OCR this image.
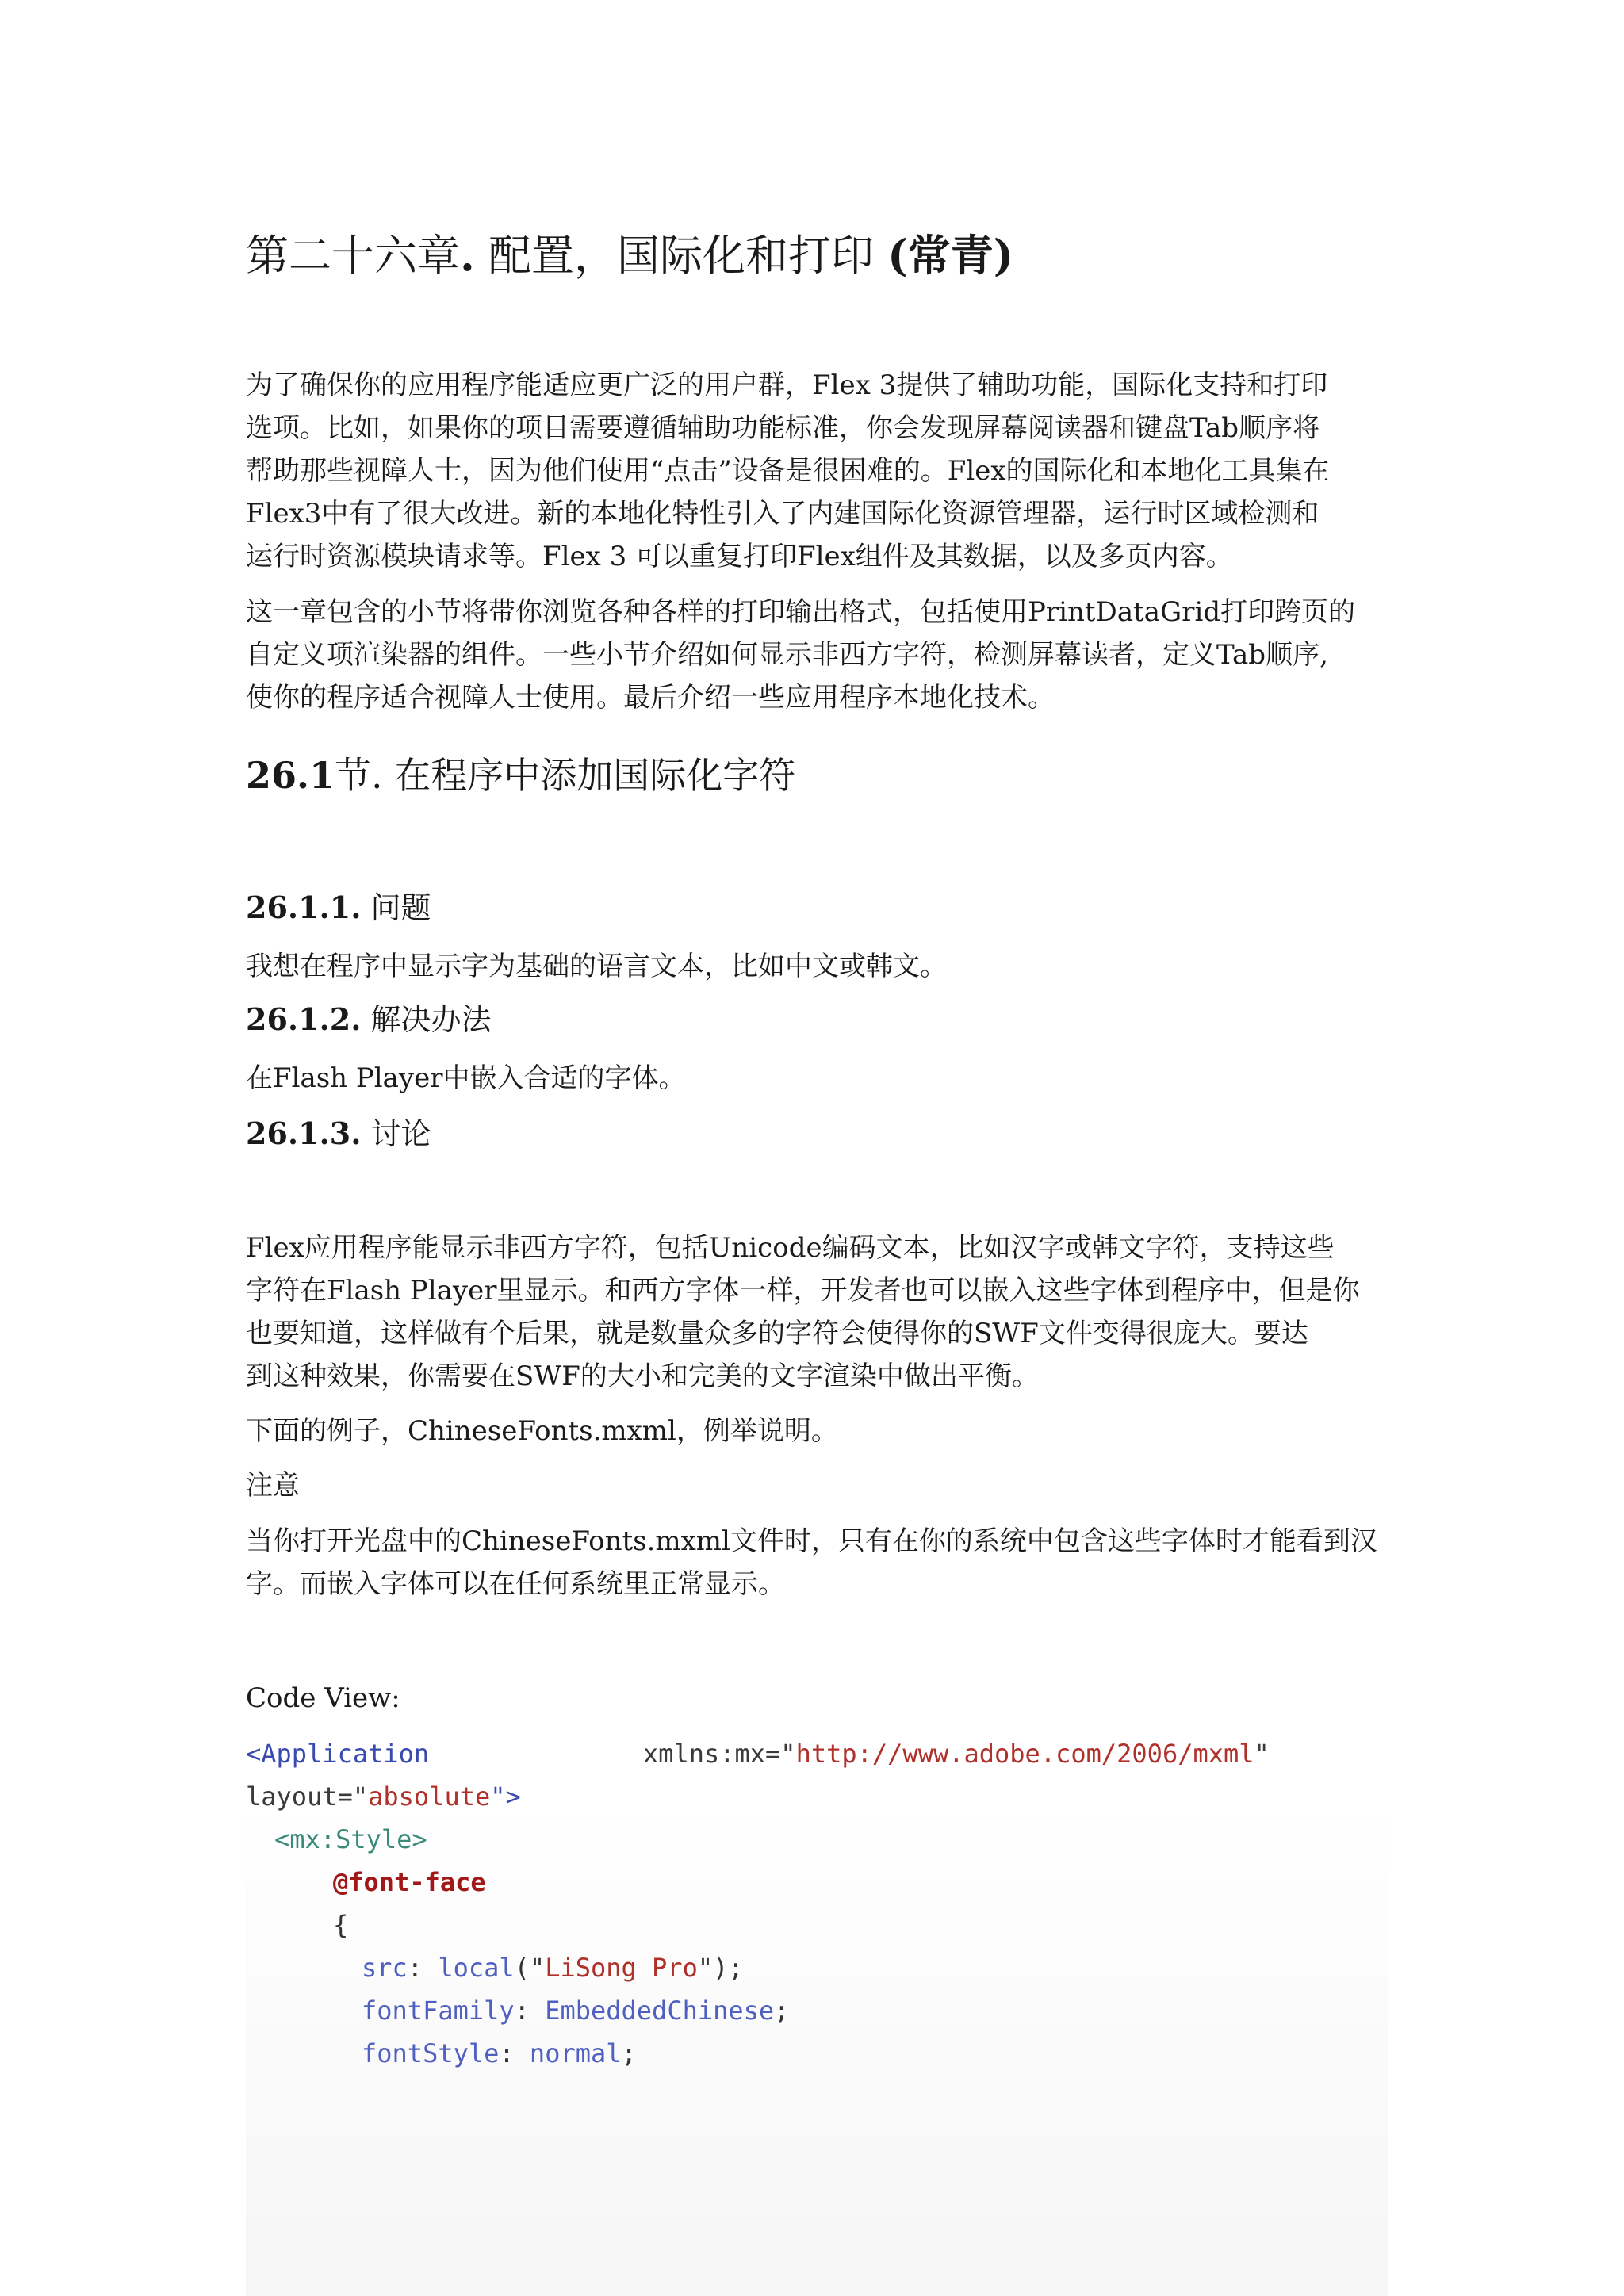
第二十六章. 配置，国际化和打印 (常青)

为了确保你的应用程序能适应更广泛的用户群，Flex 3提供了辅助功能，国际化支持和打印

选项。比如，如果你的项目需要遵循辅助功能标准，你会发现屏幕阅读器和键盘Tab顺序将

帮助那些视障人士，因为他们使用“点击”设备是很困难的。Flex的国际化和本地化工具集在

Flex3中有了很大改进。新的本地化特性引入了内建国际化资源管理器，运行时区域检测和

运行时资源模块请求等。Flex 3 可以重复打印Flex组件及其数据，以及多页内容。

这一章包含的小节将带你浏览各种各样的打印输出格式，包括使用PrintDataGrid打印跨页的

自定义项渲染器的组件。一些小节介绍如何显示非西方字符，检测屏幕读者，定义Tab顺序,

使你的程序适合视障人士使用。最后介绍一些应用程序本地化技术。

26.1节. 在程序中添加国际化字符
26.1.1. 问题

我想在程序中显示字为基础的语言文本，比如中文或韩文。

26.1.2. 解决办法

在Flash Player中嵌入合适的字体。

26.1.3. 讨论

Flex应用程序能显示非西方字符，包括Unicode编码文本，比如汉字或韩文字符，支持这些

字符在Flash Player里显示。和西方字体一样，开发者也可以嵌入这些字体到程序中，但是你

也要知道，这样做有个后果，就是数量众多的字符会使得你的SWF文件变得很庞大。要达

到这种效果，你需要在SWF的大小和完美的文字渲染中做出平衡。

下面的例子，ChineseFonts.mxml，例举说明。

注意

当你打开光盘中的ChineseFonts.mxml文件时，只有在你的系统中包含这些字体时才能看到汉

字。而嵌入字体可以在任何系统里正常显示。

Code View:

<Application	xmlns:mx="http://www.adobe.com/2006/mxml"

layout="absolute">

<mx:Style>

@font-face

{

src: local("LiSong Pro");

fontFamily: EmbeddedChinese;

fontStyle: normal;
